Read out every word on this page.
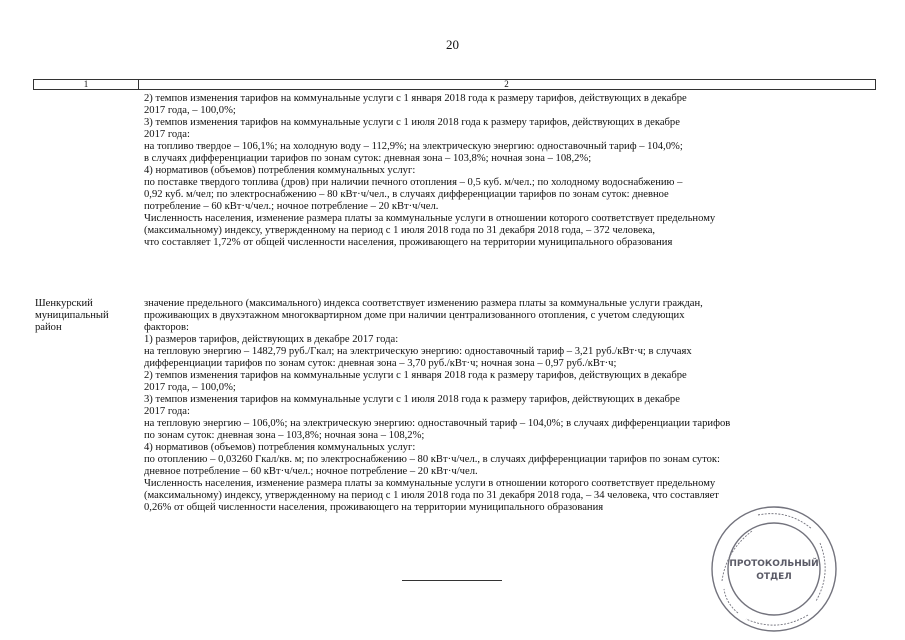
20
1	2
2) темпов изменения тарифов на коммунальные услуги с 1 января 2018 года к размеру тарифов, действующих в декабре
2017 года, – 100,0%;
3) темпов изменения тарифов на коммунальные услуги с 1 июля 2018 года к размеру тарифов, действующих в декабре
2017 года:
на топливо твердое – 106,1%; на холодную воду – 112,9%; на электрическую энергию: одноставочный тариф – 104,0%;
в случаях дифференциации тарифов по зонам суток: дневная зона – 103,8%; ночная зона – 108,2%;
4) нормативов (объемов) потребления коммунальных услуг:
по поставке твердого топлива (дров) при наличии печного отопления – 0,5 куб. м/чел.; по холодному водоснабжению –
0,92 куб. м/чел; по электроснабжению – 80 кВт·ч/чел., в случаях дифференциации тарифов по зонам суток: дневное
потребление – 60 кВт·ч/чел.; ночное потребление – 20 кВт·ч/чел.
Численность населения, изменение размера платы за коммунальные услуги в отношении которого соответствует предельному
(максимальному) индексу, утвержденному на период с 1 июля 2018 года по 31 декабря 2018 года, – 372 человека,
что составляет 1,72% от общей численности населения, проживающего на территории муниципального образования
Шенкурский
муниципальный
район
значение предельного (максимального) индекса соответствует изменению размера платы за коммунальные услуги граждан,
проживающих в двухэтажном многоквартирном доме при наличии централизованного отопления, с учетом следующих
факторов:
1) размеров тарифов, действующих в декабре 2017 года:
на тепловую энергию – 1482,79 руб./Гкал; на электрическую энергию: одноставочный тариф – 3,21 руб./кВт·ч; в случаях
дифференциации тарифов по зонам суток: дневная зона – 3,70 руб./кВт·ч; ночная зона – 0,97 руб./кВт·ч;
2) темпов изменения тарифов на коммунальные услуги с 1 января 2018 года к размеру тарифов, действующих в декабре
2017 года, – 100,0%;
3) темпов изменения тарифов на коммунальные услуги с 1 июля 2018 года к размеру тарифов, действующих в декабре
2017 года:
на тепловую энергию – 106,0%; на электрическую энергию: одноставочный тариф – 104,0%; в случаях дифференциации тарифов
по зонам суток: дневная зона – 103,8%; ночная зона – 108,2%;
4) нормативов (объемов) потребления коммунальных услуг:
по отоплению – 0,03260 Гкал/кв. м; по электроснабжению – 80 кВт·ч/чел., в случаях дифференциации тарифов по зонам суток:
дневное потребление – 60 кВт·ч/чел.; ночное потребление – 20 кВт·ч/чел.
Численность населения, изменение размера платы за коммунальные услуги в отношении которого соответствует предельному
(максимальному) индексу, утвержденному на период с 1 июля 2018 года по 31 декабря 2018 года, – 34 человека, что составляет
0,26% от общей численности населения, проживающего на территории муниципального образования
ПРОТОКОЛЬНЫЙ
ОТДЕЛ
